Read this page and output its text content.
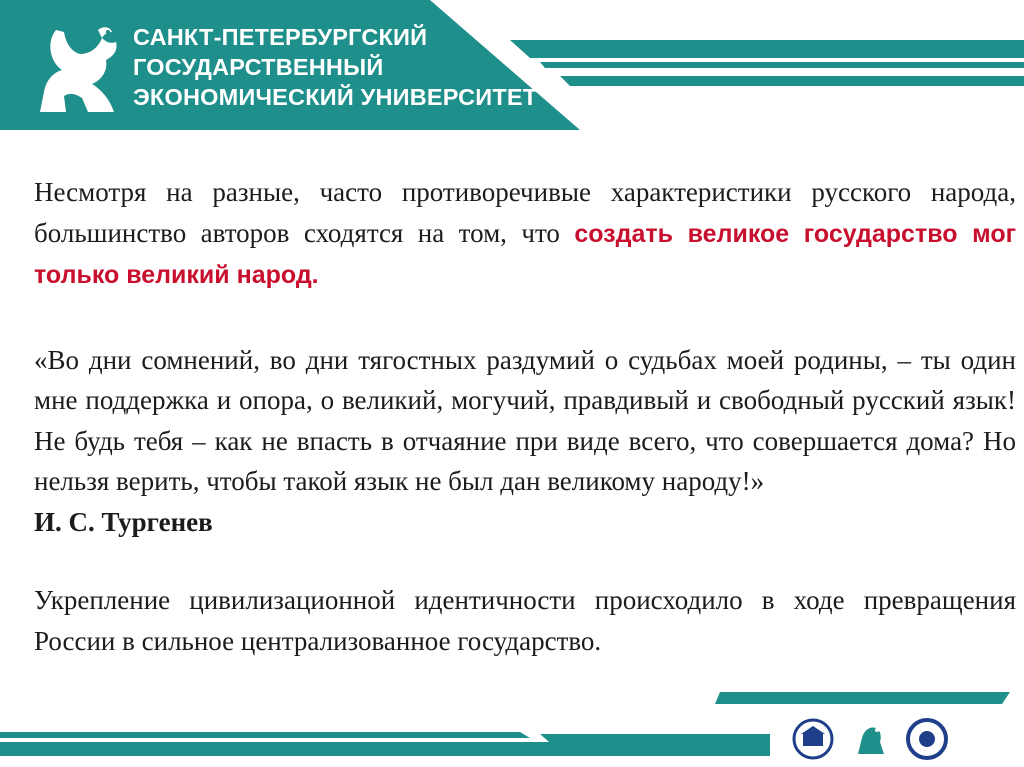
САНКТ-ПЕТЕРБУРГСКИЙ
ГОСУДАРСТВЕННЫЙ
ЭКОНОМИЧЕСКИЙ УНИВЕРСИТЕТ

Несмотря на разные, часто противоречивые характеристики русского народа, большинство авторов сходятся на том, что создать великое государство мог только великий народ.

«Во дни сомнений, во дни тягостных раздумий о судьбах моей родины, – ты один мне поддержка и опора, о великий, могучий, правдивый и свободный русский язык! Не будь тебя – как не впасть в отчаяние при виде всего, что совершается дома? Но нельзя верить, чтобы такой язык не был дан великому народу!»

И. С. Тургенев

Укрепление цивилизационной идентичности происходило в ходе превращения России в сильное централизованное государство.
